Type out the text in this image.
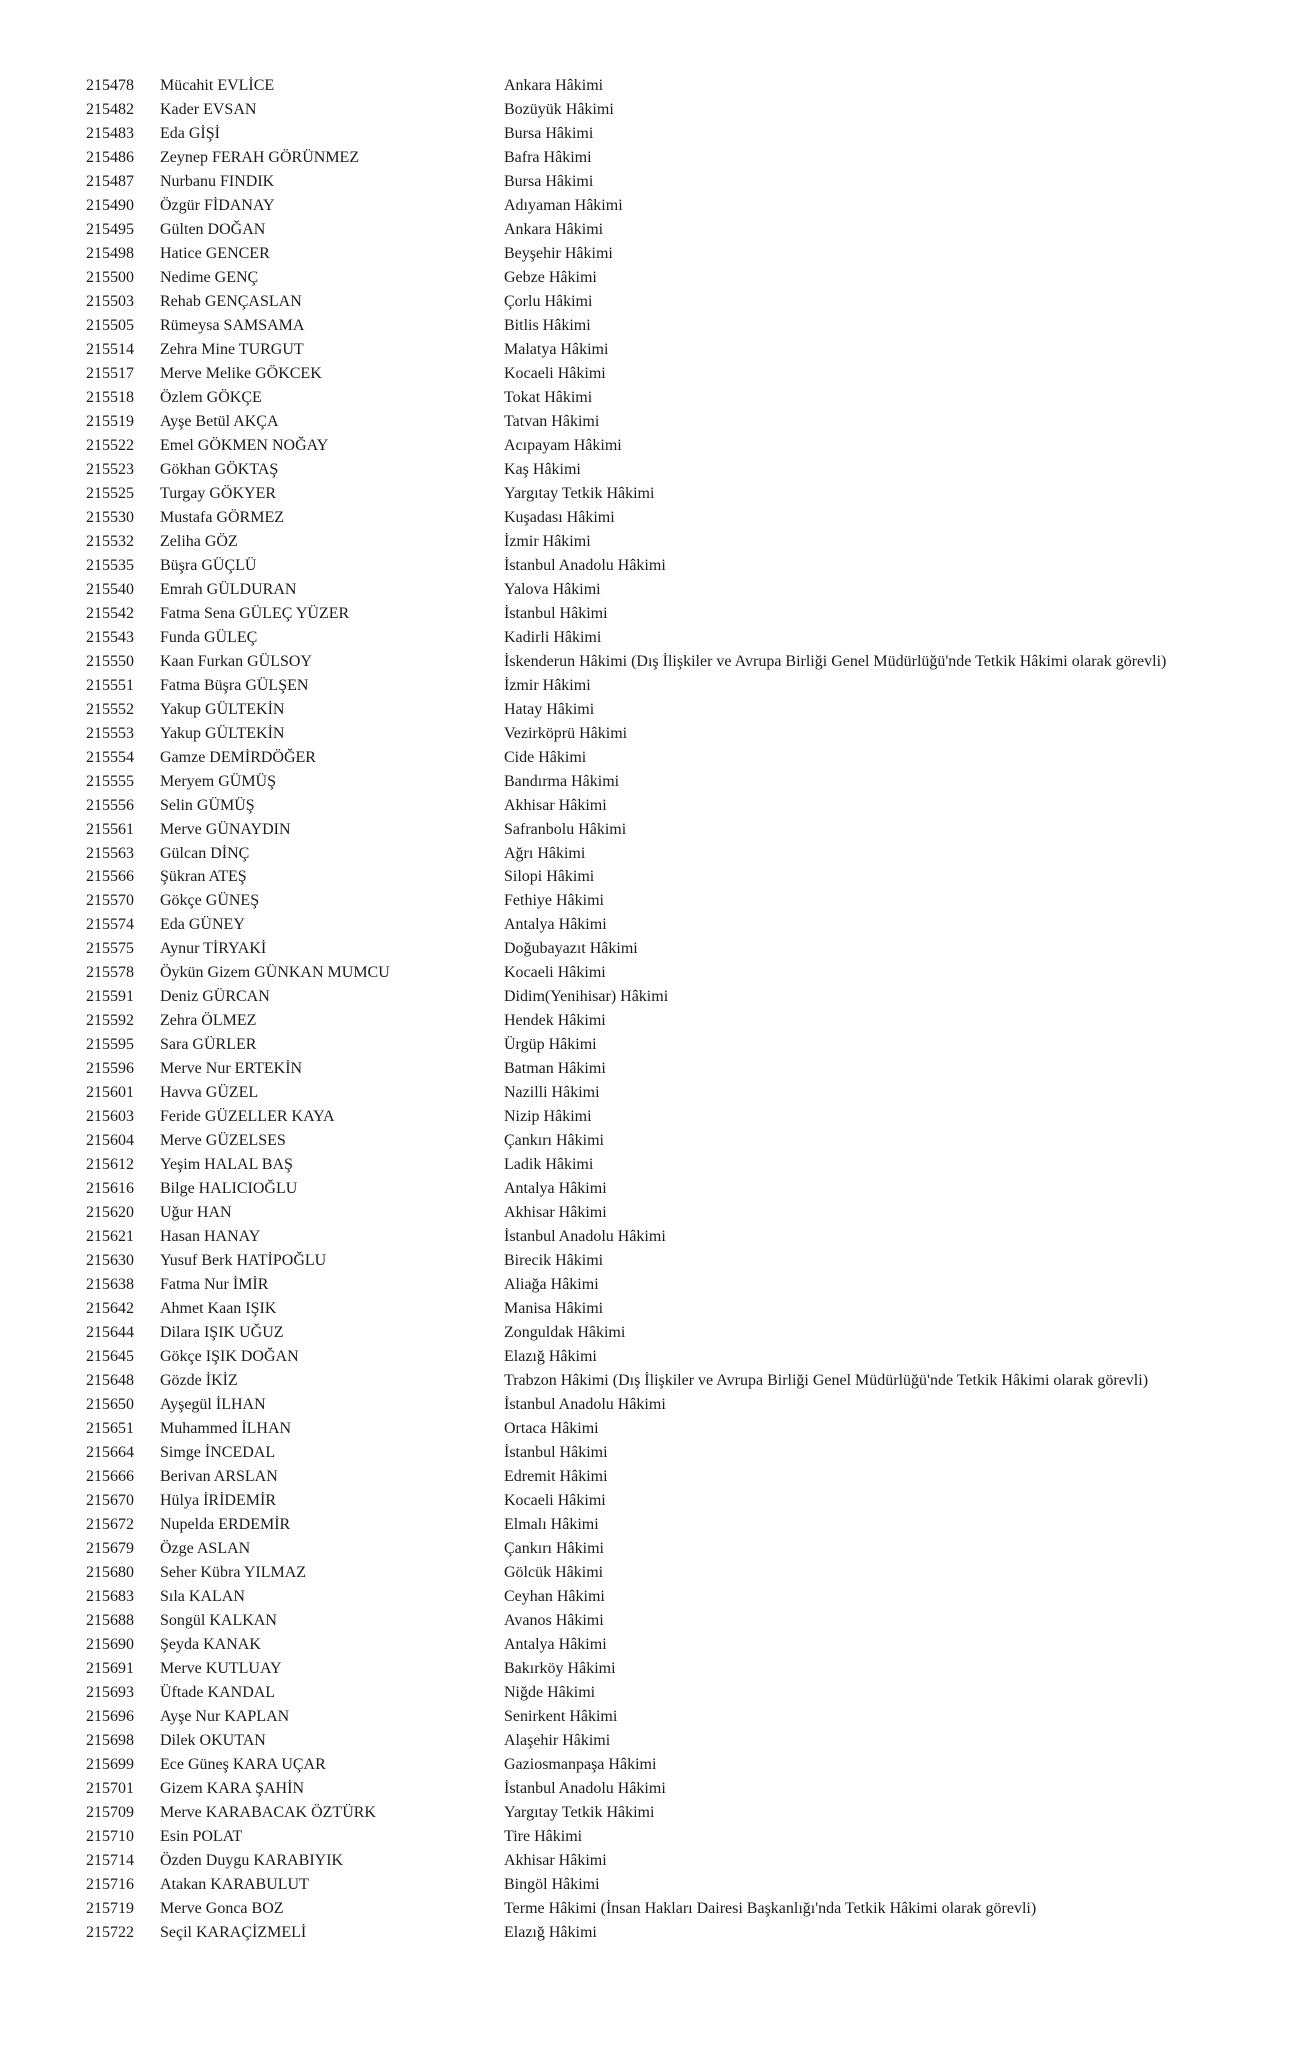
215478 Mücahit EVLİCE	Ankara Hâkimi
215482 Kader EVSAN	Bozüyük Hâkimi
215483 Eda GİŞİ	Bursa Hâkimi
215486 Zeynep FERAH GÖRÜNMEZ	Bafra Hâkimi
215487 Nurbanu FINDIK	Bursa Hâkimi
215490 Özgür FİDANAY	Adıyaman Hâkimi
215495 Gülten DOĞAN	Ankara Hâkimi
215498 Hatice GENCER	Beyşehir Hâkimi
215500 Nedime GENÇ	Gebze Hâkimi
215503 Rehab GENÇASLAN	Çorlu Hâkimi
215505 Rümeysa SAMSAMA	Bitlis Hâkimi
215514 Zehra Mine TURGUT	Malatya Hâkimi
215517 Merve Melike GÖKCEK	Kocaeli Hâkimi
215518 Özlem GÖKÇE	Tokat Hâkimi
215519 Ayşe Betül AKÇA	Tatvan Hâkimi
215522 Emel GÖKMEN NOĞAY	Acıpayam Hâkimi
215523 Gökhan GÖKTAŞ	Kaş Hâkimi
215525 Turgay GÖKYER	Yargıtay Tetkik Hâkimi
215530 Mustafa GÖRMEZ	Kuşadası Hâkimi
215532 Zeliha GÖZ	İzmir Hâkimi
215535 Büşra GÜÇLÜ	İstanbul Anadolu Hâkimi
215540 Emrah GÜLDURAN	Yalova Hâkimi
215542 Fatma Sena GÜLEÇ YÜZER	İstanbul Hâkimi
215543 Funda GÜLEÇ	Kadirli Hâkimi
215550 Kaan Furkan GÜLSOY	İskenderun Hâkimi (Dış İlişkiler ve Avrupa Birliği Genel Müdürlüğü'nde Tetkik Hâkimi olarak görevli)
215551 Fatma Büşra GÜLŞEN	İzmir Hâkimi
215552 Yakup GÜLTEKİN	Hatay Hâkimi
215553 Yakup GÜLTEKİN	Vezirköprü Hâkimi
215554 Gamze DEMİRDÖĞER	Cide Hâkimi
215555 Meryem GÜMÜŞ	Bandırma Hâkimi
215556 Selin GÜMÜŞ	Akhisar Hâkimi
215561 Merve GÜNAYDIN	Safranbolu Hâkimi
215563 Gülcan DİNÇ	Ağrı Hâkimi
215566 Şükran ATEŞ	Silopi Hâkimi
215570 Gökçe GÜNEŞ	Fethiye Hâkimi
215574 Eda GÜNEY	Antalya Hâkimi
215575 Aynur TİRYAKİ	Doğubayazıt Hâkimi
215578 Öykün Gizem GÜNKAN MUMCU	Kocaeli Hâkimi
215591 Deniz GÜRCAN	Didim(Yenihisar) Hâkimi
215592 Zehra ÖLMEZ	Hendek Hâkimi
215595 Sara GÜRLER	Ürgüp Hâkimi
215596 Merve Nur ERTEKİN	Batman Hâkimi
215601 Havva GÜZEL	Nazilli Hâkimi
215603 Feride GÜZELLER KAYA	Nizip Hâkimi
215604 Merve GÜZELSES	Çankırı Hâkimi
215612 Yeşim HALAL BAŞ	Ladik Hâkimi
215616 Bilge HALICIOĞLU	Antalya Hâkimi
215620 Uğur HAN	Akhisar Hâkimi
215621 Hasan HANAY	İstanbul Anadolu Hâkimi
215630 Yusuf Berk HATİPOĞLU	Birecik Hâkimi
215638 Fatma Nur İMİR	Aliağa Hâkimi
215642 Ahmet Kaan IŞIK	Manisa Hâkimi
215644 Dilara IŞIK UĞUZ	Zonguldak Hâkimi
215645 Gökçe IŞIK DOĞAN	Elazığ Hâkimi
215648 Gözde İKİZ	Trabzon Hâkimi (Dış İlişkiler ve Avrupa Birliği Genel Müdürlüğü'nde Tetkik Hâkimi olarak görevli)
215650 Ayşegül İLHAN	İstanbul Anadolu Hâkimi
215651 Muhammed İLHAN	Ortaca Hâkimi
215664 Simge İNCEDAL	İstanbul Hâkimi
215666 Berivan ARSLAN	Edremit Hâkimi
215670 Hülya İRİDEMİR	Kocaeli Hâkimi
215672 Nupelda ERDEMİR	Elmalı Hâkimi
215679 Özge ASLAN	Çankırı Hâkimi
215680 Seher Kübra YILMAZ	Gölcük Hâkimi
215683 Sıla KALAN	Ceyhan Hâkimi
215688 Songül KALKAN	Avanos Hâkimi
215690 Şeyda KANAK	Antalya Hâkimi
215691 Merve KUTLUAY	Bakırköy Hâkimi
215693 Üftade KANDAL	Niğde Hâkimi
215696 Ayşe Nur KAPLAN	Senirkent Hâkimi
215698 Dilek OKUTAN	Alaşehir Hâkimi
215699 Ece Güneş KARA UÇAR	Gaziosmanpaşa Hâkimi
215701 Gizem KARA ŞAHİN	İstanbul Anadolu Hâkimi
215709 Merve KARABACAK ÖZTÜRK	Yargıtay Tetkik Hâkimi
215710 Esin POLAT	Tire Hâkimi
215714 Özden Duygu KARABIYIK	Akhisar Hâkimi
215716 Atakan KARABULUT	Bingöl Hâkimi
215719 Merve Gonca BOZ	Terme Hâkimi (İnsan Hakları Dairesi Başkanlığı'nda Tetkik Hâkimi olarak görevli)
215722 Seçil KARAÇİZMELİ	Elazığ Hâkimi
